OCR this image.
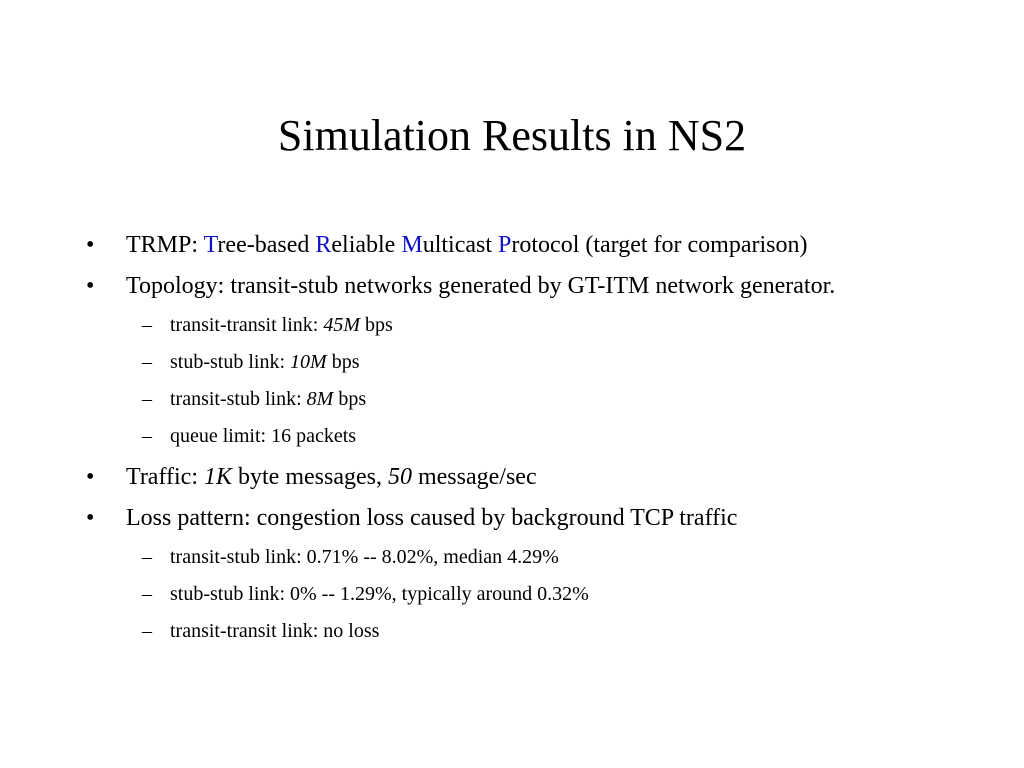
Simulation Results in NS2
•	TRMP: Tree-based Reliable Multicast Protocol (target for comparison)
•	Topology: transit-stub networks generated by GT-ITM network generator.
– transit-transit link: 45M bps
– stub-stub link: 10M bps
– transit-stub link: 8M bps
– queue limit: 16 packets
•	Traffic: 1K byte messages, 50 message/sec
•	Loss pattern: congestion loss caused by background TCP traffic
– transit-stub link: 0.71% -- 8.02%, median 4.29%
– stub-stub link: 0% -- 1.29%, typically around 0.32%
– transit-transit link: no loss
